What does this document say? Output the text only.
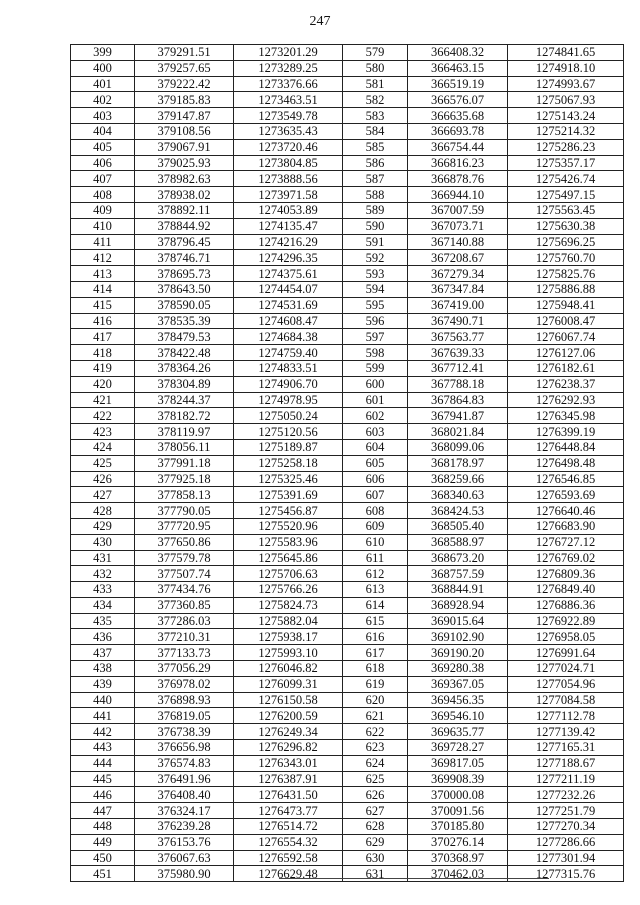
247
399	379291.51	1273201.29	579	366408.32	1274841.65
400	379257.65	1273289.25	580	366463.15	1274918.10
401	379222.42	1273376.66	581	366519.19	1274993.67
402	379185.83	1273463.51	582	366576.07	1275067.93
403	379147.87	1273549.78	583	366635.68	1275143.24
404	379108.56	1273635.43	584	366693.78	1275214.32
405	379067.91	1273720.46	585	366754.44	1275286.23
406	379025.93	1273804.85	586	366816.23	1275357.17
407	378982.63	1273888.56	587	366878.76	1275426.74
408	378938.02	1273971.58	588	366944.10	1275497.15
409	378892.11	1274053.89	589	367007.59	1275563.45
410	378844.92	1274135.47	590	367073.71	1275630.38
411	378796.45	1274216.29	591	367140.88	1275696.25
412	378746.71	1274296.35	592	367208.67	1275760.70
413	378695.73	1274375.61	593	367279.34	1275825.76
414	378643.50	1274454.07	594	367347.84	1275886.88
415	378590.05	1274531.69	595	367419.00	1275948.41
416	378535.39	1274608.47	596	367490.71	1276008.47
417	378479.53	1274684.38	597	367563.77	1276067.74
418	378422.48	1274759.40	598	367639.33	1276127.06
419	378364.26	1274833.51	599	367712.41	1276182.61
420	378304.89	1274906.70	600	367788.18	1276238.37
421	378244.37	1274978.95	601	367864.83	1276292.93
422	378182.72	1275050.24	602	367941.87	1276345.98
423	378119.97	1275120.56	603	368021.84	1276399.19
424	378056.11	1275189.87	604	368099.06	1276448.84
425	377991.18	1275258.18	605	368178.97	1276498.48
426	377925.18	1275325.46	606	368259.66	1276546.85
427	377858.13	1275391.69	607	368340.63	1276593.69
428	377790.05	1275456.87	608	368424.53	1276640.46
429	377720.95	1275520.96	609	368505.40	1276683.90
430	377650.86	1275583.96	610	368588.97	1276727.12
431	377579.78	1275645.86	611	368673.20	1276769.02
432	377507.74	1275706.63	612	368757.59	1276809.36
433	377434.76	1275766.26	613	368844.91	1276849.40
434	377360.85	1275824.73	614	368928.94	1276886.36
435	377286.03	1275882.04	615	369015.64	1276922.89
436	377210.31	1275938.17	616	369102.90	1276958.05
437	377133.73	1275993.10	617	369190.20	1276991.64
438	377056.29	1276046.82	618	369280.38	1277024.71
439	376978.02	1276099.31	619	369367.05	1277054.96
440	376898.93	1276150.58	620	369456.35	1277084.58
441	376819.05	1276200.59	621	369546.10	1277112.78
442	376738.39	1276249.34	622	369635.77	1277139.42
443	376656.98	1276296.82	623	369728.27	1277165.31
444	376574.83	1276343.01	624	369817.05	1277188.67
445	376491.96	1276387.91	625	369908.39	1277211.19
446	376408.40	1276431.50	626	370000.08	1277232.26
447	376324.17	1276473.77	627	370091.56	1277251.79
448	376239.28	1276514.72	628	370185.80	1277270.34
449	376153.76	1276554.32	629	370276.14	1277286.66
450	376067.63	1276592.58	630	370368.97	1277301.94
451	375980.90	1276629.48	631	370462.03	1277315.76
